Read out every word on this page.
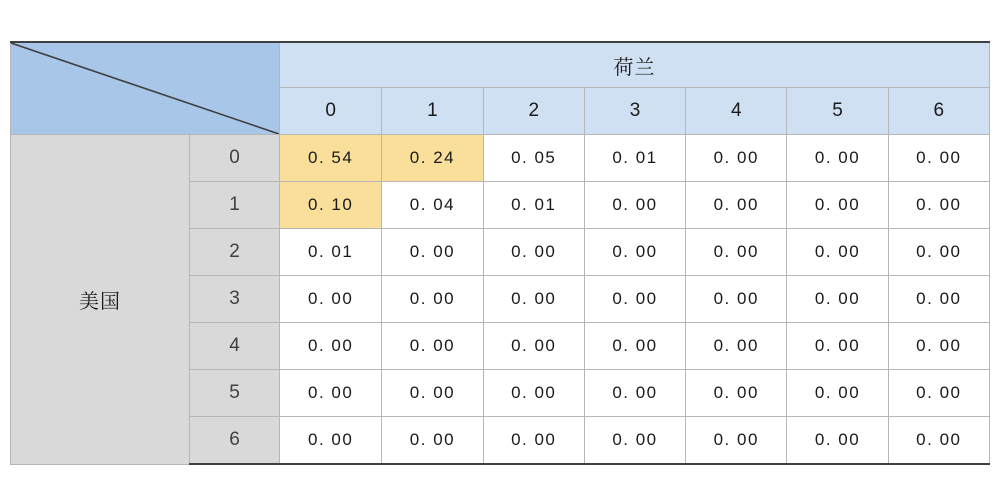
	荷兰						
		0	1	2	3	4	5	6
美国	0	0. 54	0. 24	0. 05	0. 01	0. 00	0. 00	0. 00
	1	0. 10	0. 04	0. 01	0. 00	0. 00	0. 00	0. 00
	2	0. 01	0. 00	0. 00	0. 00	0. 00	0. 00	0. 00
	3	0. 00	0. 00	0. 00	0. 00	0. 00	0. 00	0. 00
	4	0. 00	0. 00	0. 00	0. 00	0. 00	0. 00	0. 00
	5	0. 00	0. 00	0. 00	0. 00	0. 00	0. 00	0. 00
	6	0. 00	0. 00	0. 00	0. 00	0. 00	0. 00	0. 00
